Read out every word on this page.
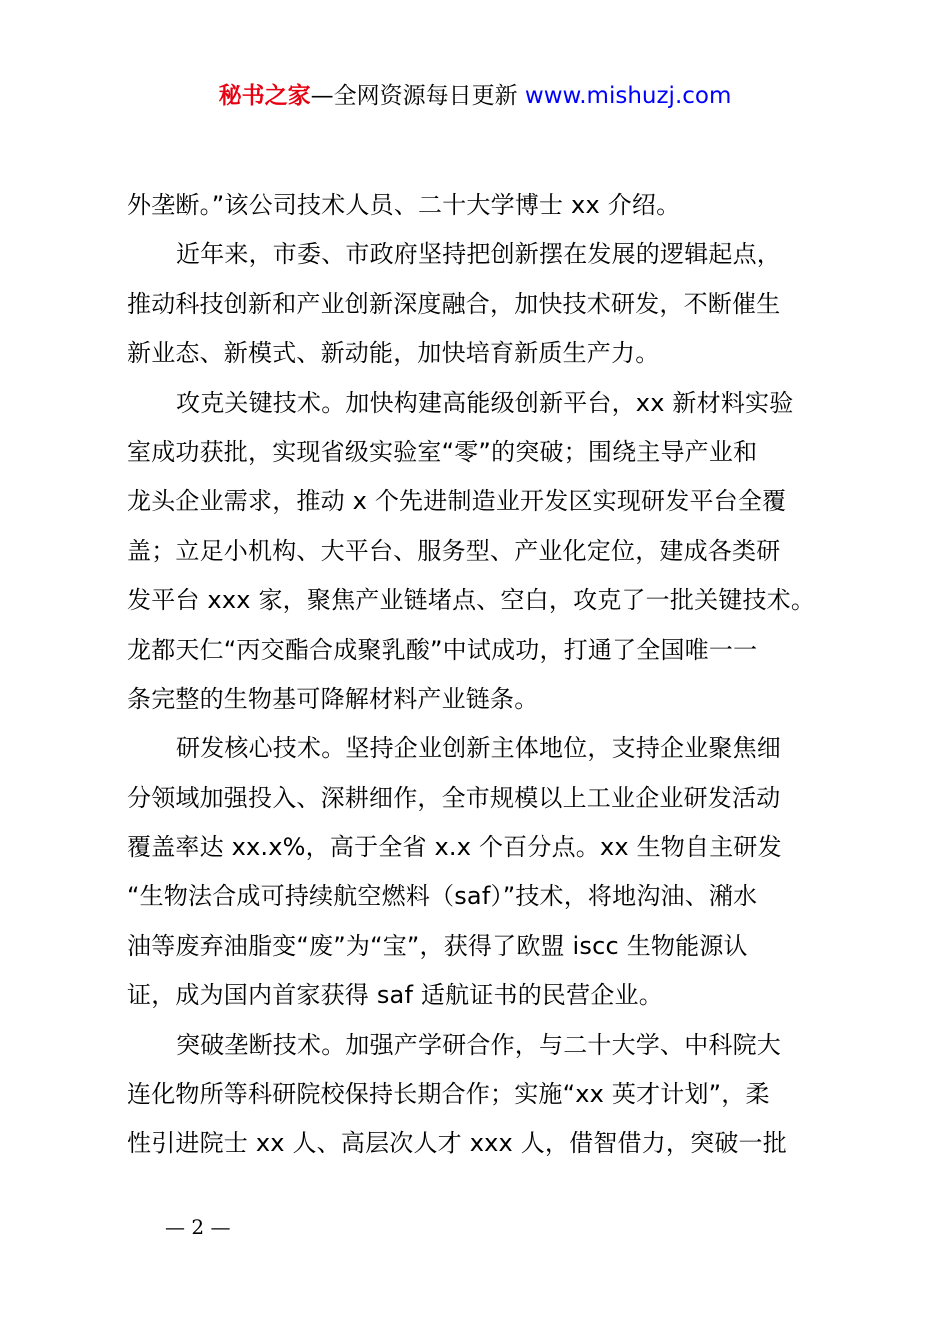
秘书之家—全网资源每日更新 www.mishuzj.com
外垄断。”该公司技术人员、二十大学博士 xx 介绍。
近年来，市委、市政府坚持把创新摆在发展的逻辑起点，
推动科技创新和产业创新深度融合，加快技术研发，不断催生
新业态、新模式、新动能，加快培育新质生产力。
攻克关键技术。加快构建高能级创新平台，xx 新材料实验
室成功获批，实现省级实验室“零”的突破；围绕主导产业和
龙头企业需求，推动 x 个先进制造业开发区实现研发平台全覆
盖；立足小机构、大平台、服务型、产业化定位，建成各类研
发平台 xxx 家，聚焦产业链堵点、空白，攻克了一批关键技术。
龙都天仁“丙交酯合成聚乳酸”中试成功，打通了全国唯一一
条完整的生物基可降解材料产业链条。
研发核心技术。坚持企业创新主体地位，支持企业聚焦细
分领域加强投入、深耕细作，全市规模以上工业企业研发活动
覆盖率达 xx.x%，高于全省 x.x 个百分点。xx 生物自主研发
“生物法合成可持续航空燃料（saf）”技术，将地沟油、潲水
油等废弃油脂变“废”为“宝”，获得了欧盟 iscc 生物能源认
证，成为国内首家获得 saf 适航证书的民营企业。
突破垄断技术。加强产学研合作，与二十大学、中科院大
连化物所等科研院校保持长期合作；实施“xx 英才计划”，柔
性引进院士 xx 人、高层次人才 xxx 人，借智借力，突破一批
— 2 —
